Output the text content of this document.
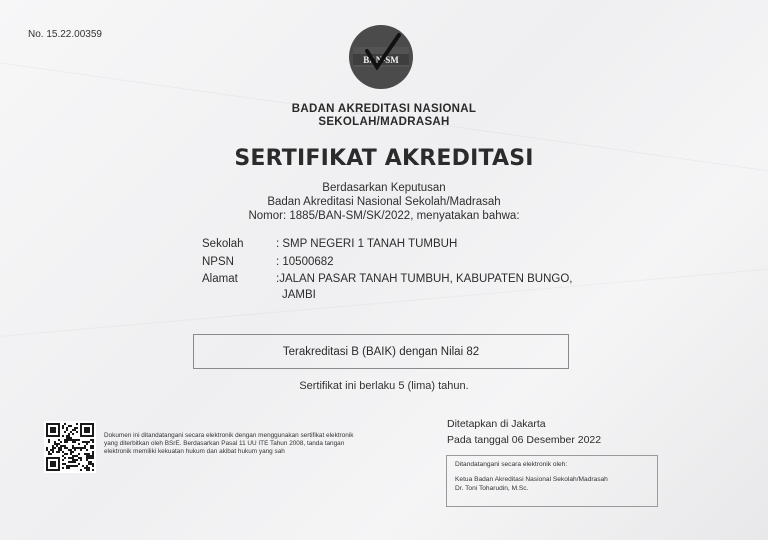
No. 15.22.00359
BAN-SM
BADAN AKREDITASI NASIONAL
SEKOLAH/MADRASAH
SERTIFIKAT AKREDITASI
Berdasarkan Keputusan
Badan Akreditasi Nasional Sekolah/Madrasah
Nomor: 1885/BAN-SM/SK/2022, menyatakan bahwa:
Sekolah	: SMP NEGERI 1 TANAH TUMBUH
NPSN	: 10500682
Alamat	:JALAN PASAR TANAH TUMBUH, KABUPATEN BUNGO,
JAMBI
Terakreditasi B (BAIK) dengan Nilai 82
Sertifikat ini berlaku 5 (lima) tahun.
Dokumen ini ditandatangani secara elektronik dengan menggunakan sertifikat elektronik yang diterbitkan oleh BSrE. Berdasarkan Pasal 11 UU ITE Tahun 2008, tanda tangan elektronik memiliki kekuatan hukum dan akibat hukum yang sah
Ditetapkan di Jakarta
Pada tanggal 06 Desember 2022
Ditandatangani secara elektronik oleh:
Ketua Badan Akreditasi Nasional Sekolah/Madrasah
Dr. Toni Toharudin, M.Sc.
